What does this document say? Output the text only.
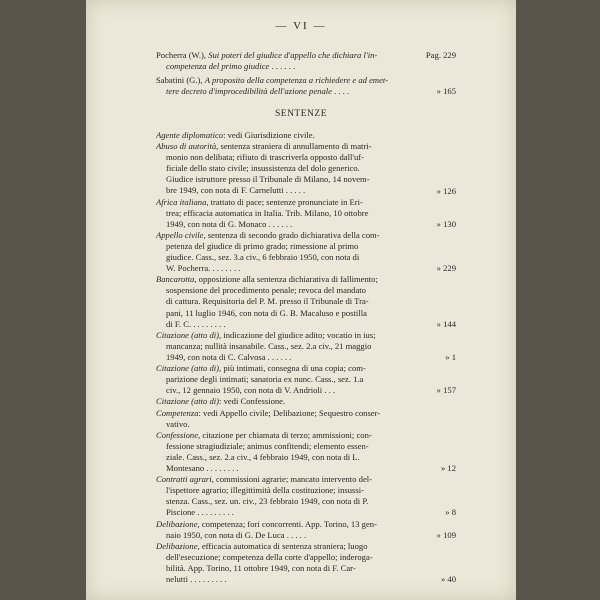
— VI —
Pocherra (W.), Sui poteri del giudice d'appello che dichiara l'in-
competenza del primo giudice . . . . . .
Pag. 229
Sabatini (G.), A proposito della competenza a richiedere e ad emet-
tere decreto d'improcedibilità dell'azione penale . . . .	» 165
SENTENZE
Agente diplomatico: vedi Giurisdizione civile.
Abuso di autorità, sentenza straniera di annullamento di matri-
monio non delibata; rifiuto di trascriverla opposto dall'uf-
ficiale dello stato civile; insussistenza del dolo generico.
Giudice istruttore presso il Tribunale di Milano, 14 novem-
bre 1949, con nota di F. Carnelutti . . . . .	» 126
Africa italiana, trattato di pace; sentenze pronunciate in Eri-
trea; efficacia automatica in Italia. Trib. Milano, 10 ottobre
1949, con nota di G. Monaco . . . . . .	» 130
Appello civile, sentenza di secondo grado dichiarativa della com-
petenza del giudice di primo grado; rimessione al primo
giudice. Cass., sez. 3.a civ., 6 febbraio 1950, con nota di
W. Pocherra. . . . . . . .	» 229
Bancarotta, opposizione alla sentenza dichiarativa di fallimento;
sospensione del procedimento penale; revoca del mandato
di cattura. Requisitoria del P. M. presso il Tribunale di Tra-
pani, 11 luglio 1946, con nota di G. B. Macaluso e postilla
di F. C. . . . . . . . .	» 144
Citazione (atto di), indicazione del giudice adito; vocatio in ius;
mancanza; nullità insanabile. Cass., sez. 2.a civ., 21 maggio
1949, con nota di C. Calvosa . . . . . .	» 1
Citazione (atto di), più intimati, consegna di una copia; com-
parizione degli intimati; sanatoria ex nunc. Cass., sez. 1.a
civ., 12 gennaio 1950, con nota di V. Andrioli . . .	» 157
Citazione (atto di): vedi Confessione.
Competenza: vedi Appello civile; Delibazione; Sequestro conser-
vativo.
Confessione, citazione per chiamata di terzo; ammissioni; con-
fessione stragiudiziale; animus confitendi; elemento essen-
ziale. Cass., sez. 2.a civ., 4 febbraio 1949, con nota di L.
Montesano . . . . . . . .	» 12
Contratti agrari, commissioni agrarie; mancato intervento del-
l'ispettore agrario; illegittimità della costituzione; insussi-
stenza. Cass., sez. un. civ., 23 febbraio 1949, con nota di P.
Piscione . . . . . . . . .	» 8
Delibazione, competenza; fori concorrenti. App. Torino, 13 gen-
naio 1950, con nota di G. De Luca . . . . .	» 109
Delibazione, efficacia automatica di sentenza straniera; luogo
dell'esecuzione; competenza della corte d'appello; inderoga-
bilità. App. Torino, 11 ottobre 1949, con nota di F. Car-
nelutti . . . . . . . . .	» 40
